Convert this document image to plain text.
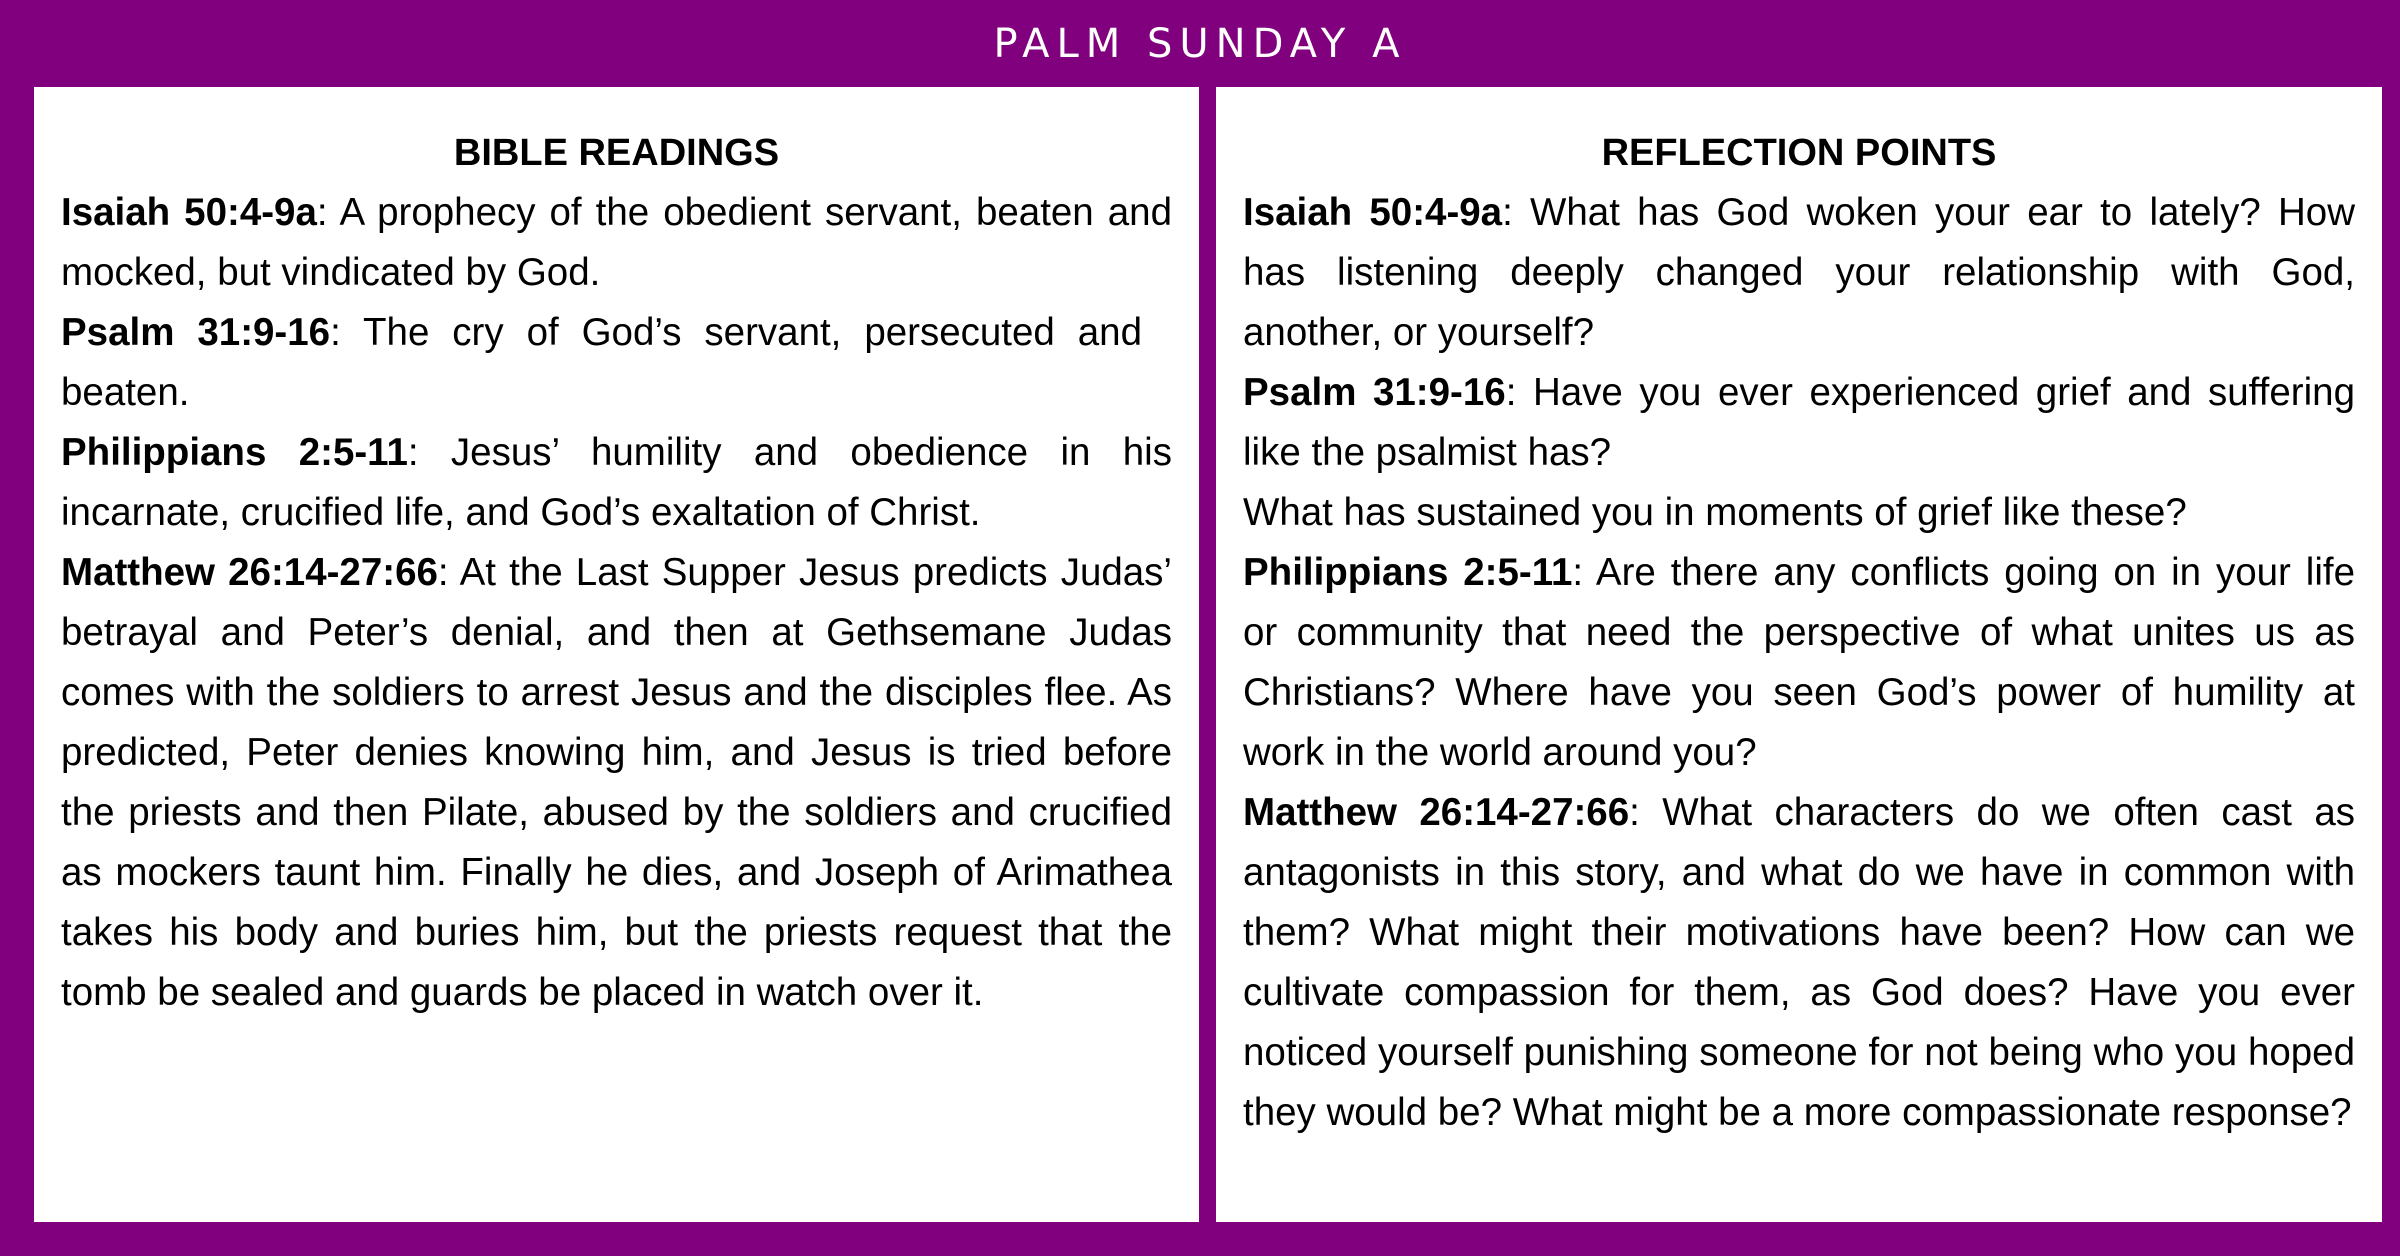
PALM SUNDAY A

BIBLE READINGS

Isaiah 50:4-9a: A prophecy of the obedient servant, beaten and mocked, but vindicated by God.

Psalm 31:9-16: The cry of God’s servant, persecuted and beaten.

Philippians 2:5-11: Jesus’ humility and obedience in his incarnate, crucified life, and God’s exaltation of Christ.

Matthew 26:14-27:66: At the Last Supper Jesus predicts Judas’ betrayal and Peter’s denial, and then at Gethsemane Judas comes with the soldiers to arrest Jesus and the disciples flee. As predicted, Peter denies knowing him, and Jesus is tried before the priests and then Pilate, abused by the soldiers and crucified as mockers taunt him. Finally he dies, and Joseph of Arimathea takes his body and buries him, but the priests request that the tomb be sealed and guards be placed in watch over it.

REFLECTION POINTS

Isaiah 50:4-9a: What has God woken your ear to lately? How has listening deeply changed your relationship with God, another, or yourself?

Psalm 31:9-16: Have you ever experienced grief and suffering like the psalmist has?

What has sustained you in moments of grief like these?

Philippians 2:5-11: Are there any conflicts going on in your life or community that need the perspective of what unites us as Christians? Where have you seen God’s power of humility at work in the world around you?

Matthew 26:14-27:66: What characters do we often cast as antagonists in this story, and what do we have in common with them? What might their motivations have been? How can we cultivate compassion for them, as God does? Have you ever noticed yourself punishing someone for not being who you hoped they would be? What might be a more compassionate response?
